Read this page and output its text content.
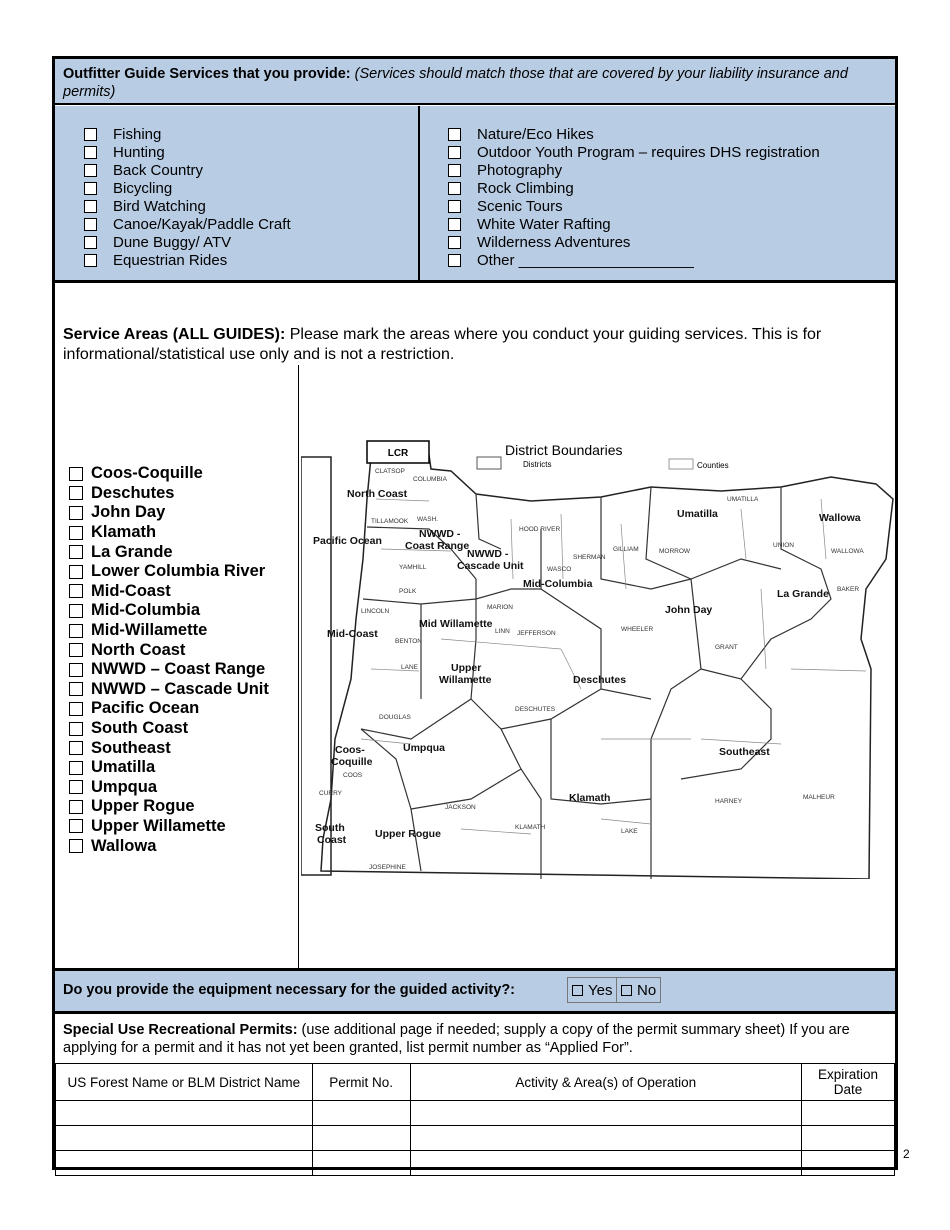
Outfitter Guide Services that you provide: (Services should match those that are covered by your liability insurance and permits)
Fishing
Hunting
Back Country
Bicycling
Bird Watching
Canoe/Kayak/Paddle Craft
Dune Buggy/ ATV
Equestrian Rides
Nature/Eco Hikes
Outdoor Youth Program – requires DHS registration
Photography
Rock Climbing
Scenic Tours
White Water Rafting
Wilderness Adventures
Other _____________________
Service Areas (ALL GUIDES): Please mark the areas where you conduct your guiding services. This is for informational/statistical use only and is not a restriction.
Coos-Coquille
Deschutes
John Day
Klamath
La Grande
Lower Columbia River
Mid-Coast
Mid-Columbia
Mid-Willamette
North Coast
NWWD – Coast Range
NWWD – Cascade Unit
Pacific Ocean
South Coast
Southeast
Umatilla
Umpqua
Upper Rogue
Upper Willamette
Wallowa
LCR	District Boundaries
Districts	Counties
North Coast
Pacific Ocean
NWWD -
Coast Range
NWWD -
Cascade Unit
Mid-Columbia
Umatilla	Wallowa
La Grande
John Day
Mid Willamette
Mid-Coast
Upper
Willamette	Deschutes
Southeast
Umpqua
Coos-
Coquille
Klamath
South
Coast	Upper Rogue
CLATSOP
COLUMBIA
WASH.
TILLAMOOK
YAMHILL
HOOD RIVER
WASCO
SHERMAN
GILLIAM	MORROW
UMATILLA
UNION
WALLOWA
BAKER
POLK
MARION
LINCOLN
BENTON
LINN JEFFERSON
WHEELER
GRANT
LANE
DESCHUTES
DOUGLAS
COOS
CURRY
JACKSON
KLAMATH
LAKE
HARNEY
MALHEUR
JOSEPHINE
Do you provide the equipment necessary for the guided activity?:	Yes No
Special Use Recreational Permits: (use additional page if needed; supply a copy of the permit summary sheet) If you are applying for a permit and it has not yet been granted, list permit number as “Applied For”.
US Forest Name or BLM District Name	Permit No.	Activity & Area(s) of Operation	Expiration Date

2
